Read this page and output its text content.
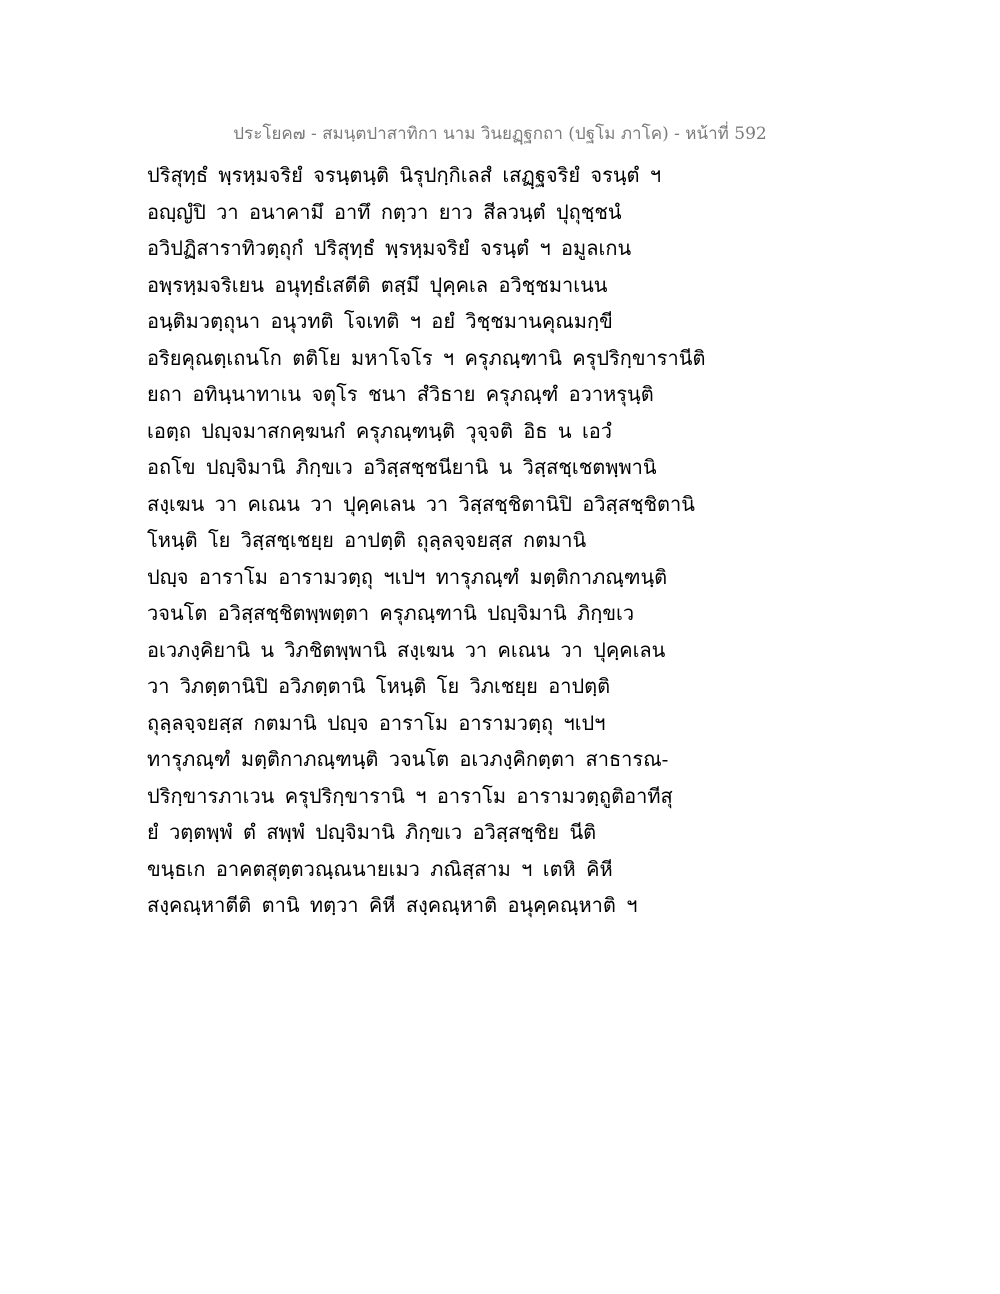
ประโยค๗ - สมนฺตปาสาทิกา นาม วินยฏฺฐกถา (ปฐโม ภาโค) - หน้าที่ 592
ปริสุทฺธํ พฺรหฺมจริยํ จรนฺตนฺติ นิรุปกฺกิเลสํ เสฏฺฐจริยํ จรนฺตํ ฯ
อญฺญํปิ วา อนาคามึ อาทึ กตฺวา ยาว สีลวนฺตํ ปุถุชฺชนํ
อวิปฏิสาราทิวตฺถุกํ ปริสุทฺธํ พฺรหฺมจริยํ จรนฺตํ ฯ อมูลเกน
อพฺรหฺมจริเยน อนุทฺธํเสตีติ ตสฺมึ ปุคฺคเล อวิชฺชมาเนน
อนฺติมวตฺถุนา อนุวทติ โจเทติ ฯ อยํ วิชฺชมานคุณมกฺขี
อริยคุณตฺเถนโก ตติโย มหาโจโร ฯ ครุภณฺฑานิ ครุปริกฺขารานีติ
ยถา อทินฺนาทาเน จตุโร ชนา สํวิธาย ครุภณฺฑํ อวาหรุนฺติ
เอตฺถ ปญฺจมาสกคฺฆนกํ ครุภณฺฑนฺติ วุจฺจติ อิธ น เอวํ
อถโข ปญฺจิมานิ ภิกฺขเว อวิสฺสชฺชนียานิ น วิสฺสชฺเชตพฺพานิ
สงฺเฆน วา คเณน วา ปุคฺคเลน วา วิสฺสชฺชิตานิปิ อวิสฺสชฺชิตานิ
โหนฺติ โย วิสฺสชฺเชยฺย อาปตฺติ ถุลฺลจฺจยสฺส กตมานิ
ปญฺจ อาราโม อารามวตฺถุ ฯเปฯ ทารุภณฺฑํ มตฺติกาภณฺฑนฺติ
วจนโต อวิสฺสชฺชิตพฺพตฺตา ครุภณฺฑานิ ปญฺจิมานิ ภิกฺขเว
อเวภงฺคิยานิ น วิภชิตพฺพานิ สงฺเฆน วา คเณน วา ปุคฺคเลน
วา วิภตฺตานิปิ อวิภตฺตานิ โหนฺติ โย วิภเชยฺย อาปตฺติ
ถุลฺลจฺจยสฺส กตมานิ ปญฺจ อาราโม อารามวตฺถุ ฯเปฯ
ทารุภณฺฑํ มตฺติกาภณฺฑนฺติ วจนโต อเวภงฺคิกตฺตา สาธารณ-
ปริกฺขารภาเวน ครุปริกฺขารานิ ฯ อาราโม อารามวตฺถูติอาทีสุ
ยํ วตฺตพฺพํ ตํ สพฺพํ ปญฺจิมานิ ภิกฺขเว อวิสฺสชฺชิย นีติ
ขนฺธเก อาคตสุตฺตวณฺณนายเมว ภณิสฺสาม ฯ เตหิ คิหี
สงฺคณฺหาตีติ ตานิ ทตฺวา คิหี สงฺคณฺหาติ อนุคฺคณฺหาติ ฯ
